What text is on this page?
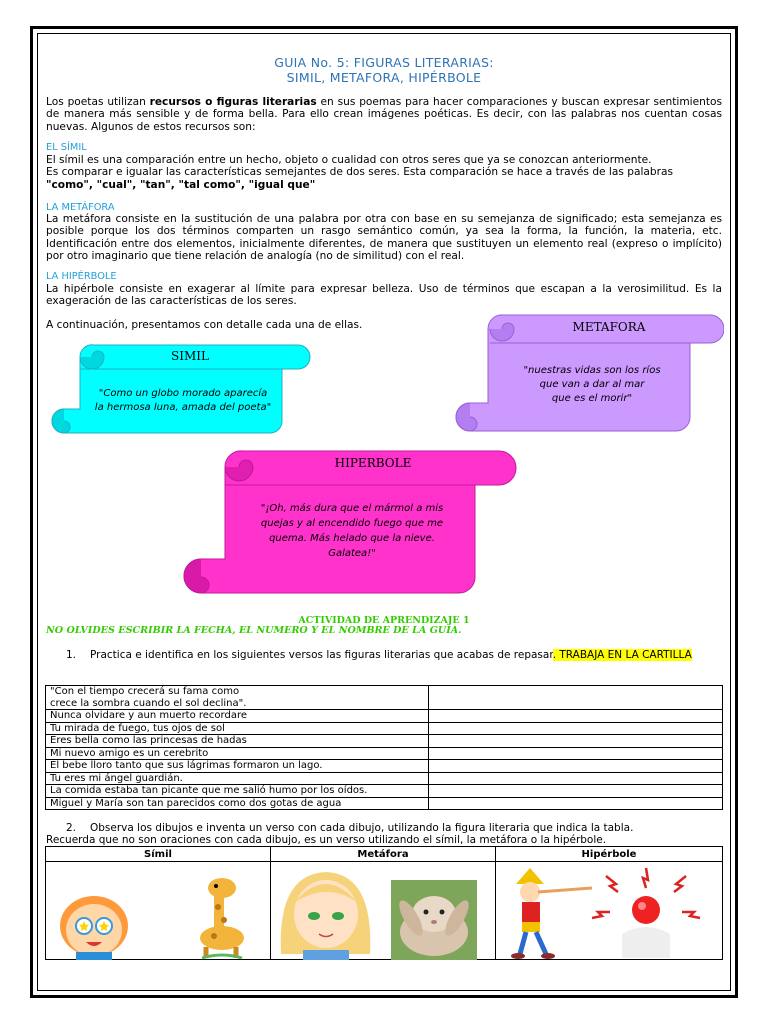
GUIA No. 5: FIGURAS LITERARIAS:
SIMIL, METAFORA, HIPÉRBOLE
Los poetas utilizan recursos o figuras literarias en sus poemas para hacer comparaciones y buscan expresar sentimientos de manera más sensible y de forma bella. Para ello crean imágenes poéticas. Es decir, con las palabras nos cuentan cosas nuevas. Algunos de estos recursos son:
EL SÍMIL
El símil es una comparación entre un hecho, objeto o cualidad con otros seres que ya se conozcan anteriormente.
Es comparar e igualar las características semejantes de dos seres. Esta comparación se hace a través de las palabras
"como", "cual", "tan", "tal como", "igual que"
LA METÁFORA
La metáfora consiste en la sustitución de una palabra por otra con base en su semejanza de significado; esta semejanza es posible porque los dos términos comparten un rasgo semántico común, ya sea la forma, la función, la materia, etc. Identificación entre dos elementos, inicialmente diferentes, de manera que sustituyen un elemento real (expreso o implícito) por otro imaginario que tiene relación de analogía (no de similitud) con el real.
LA HIPÉRBOLE
La hipérbole consiste en exagerar al límite para expresar belleza. Uso de términos que escapan a la verosimilitud. Es la exageración de las características de los seres.
A continuación, presentamos con detalle cada una de ellas.
SIMIL
"Como un globo morado aparecía
la hermosa luna, amada del poeta"
METAFORA
"nuestras vidas son los ríos
que van a dar al mar
que es el morir"
HIPERBOLE
"¡Oh, más dura que el mármol a mis
quejas y al encendido fuego que me
quema. Más helado que la nieve.
Galatea!"
ACTIVIDAD DE APRENDIZAJE 1
NO OLVIDES ESCRIBIR LA FECHA, EL NUMERO Y EL NOMBRE DE LA GUIA.
1. Practica e identifica en los siguientes versos las figuras literarias que acabas de repasar. TRABAJA EN LA CARTILLA
"Con el tiempo crecerá su fama como
crece la sombra cuando el sol declina".	

Nunca olvidare y aun muerto recordare	
Tu mirada de fuego, tus ojos de sol	
Eres bella como las princesas de hadas	
Mi nuevo amigo es un cerebrito	
El bebe lloro tanto que sus lágrimas formaron un lago.	
Tu eres mi ángel guardián.	
La comida estaba tan picante que me salió humo por los oídos.	
Miguel y María son tan parecidos como dos gotas de agua	
2. Observa los dibujos e inventa un verso con cada dibujo, utilizando la figura literaria que indica la tabla.
Recuerda que no son oraciones con cada dibujo, es un verso utilizando el símil, la metáfora o la hipérbole.
Símil	Metáfora	Hipérbole
